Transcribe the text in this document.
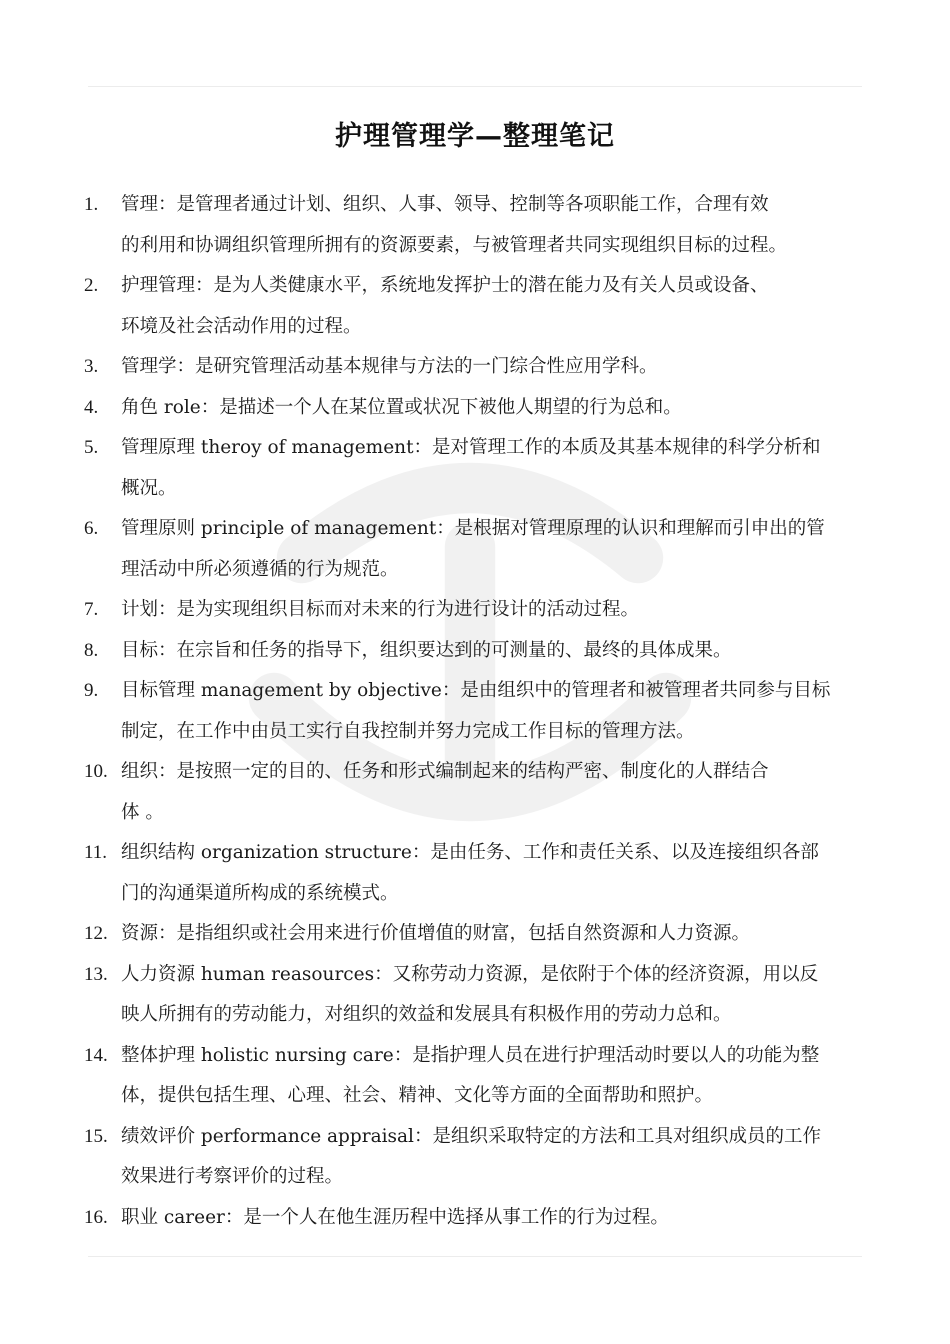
护理管理学—整理笔记
1. 管理：是管理者通过计划、组织、人事、领导、控制等各项职能工作，合理有效
的利用和协调组织管理所拥有的资源要素，与被管理者共同实现组织目标的过程。
2. 护理管理：是为人类健康水平，系统地发挥护士的潜在能力及有关人员或设备、
环境及社会活动作用的过程。
3. 管理学：是研究管理活动基本规律与方法的一门综合性应用学科。
4. 角色 role：是描述一个人在某位置或状况下被他人期望的行为总和。
5. 管理原理 theroy of management：是对管理工作的本质及其基本规律的科学分析和
概况。
6. 管理原则 principle of management：是根据对管理原理的认识和理解而引申出的管
理活动中所必须遵循的行为规范。
7. 计划：是为实现组织目标而对未来的行为进行设计的活动过程。
8. 目标：在宗旨和任务的指导下，组织要达到的可测量的、最终的具体成果。
9. 目标管理 management by objective：是由组织中的管理者和被管理者共同参与目标
制定，在工作中由员工实行自我控制并努力完成工作目标的管理方法。
10. 组织：是按照一定的目的、任务和形式编制起来的结构严密、制度化的人群结合
体 。
11. 组织结构 organization structure：是由任务、工作和责任关系、以及连接组织各部
门的沟通渠道所构成的系统模式。
12. 资源：是指组织或社会用来进行价值增值的财富，包括自然资源和人力资源。
13. 人力资源 human reasources：又称劳动力资源，是依附于个体的经济资源，用以反
映人所拥有的劳动能力，对组织的效益和发展具有积极作用的劳动力总和。
14. 整体护理 holistic nursing care：是指护理人员在进行护理活动时要以人的功能为整
体，提供包括生理、心理、社会、精神、文化等方面的全面帮助和照护。
15. 绩效评价 performance appraisal：是组织采取特定的方法和工具对组织成员的工作
效果进行考察评价的过程。
16. 职业 career：是一个人在他生涯历程中选择从事工作的行为过程。
